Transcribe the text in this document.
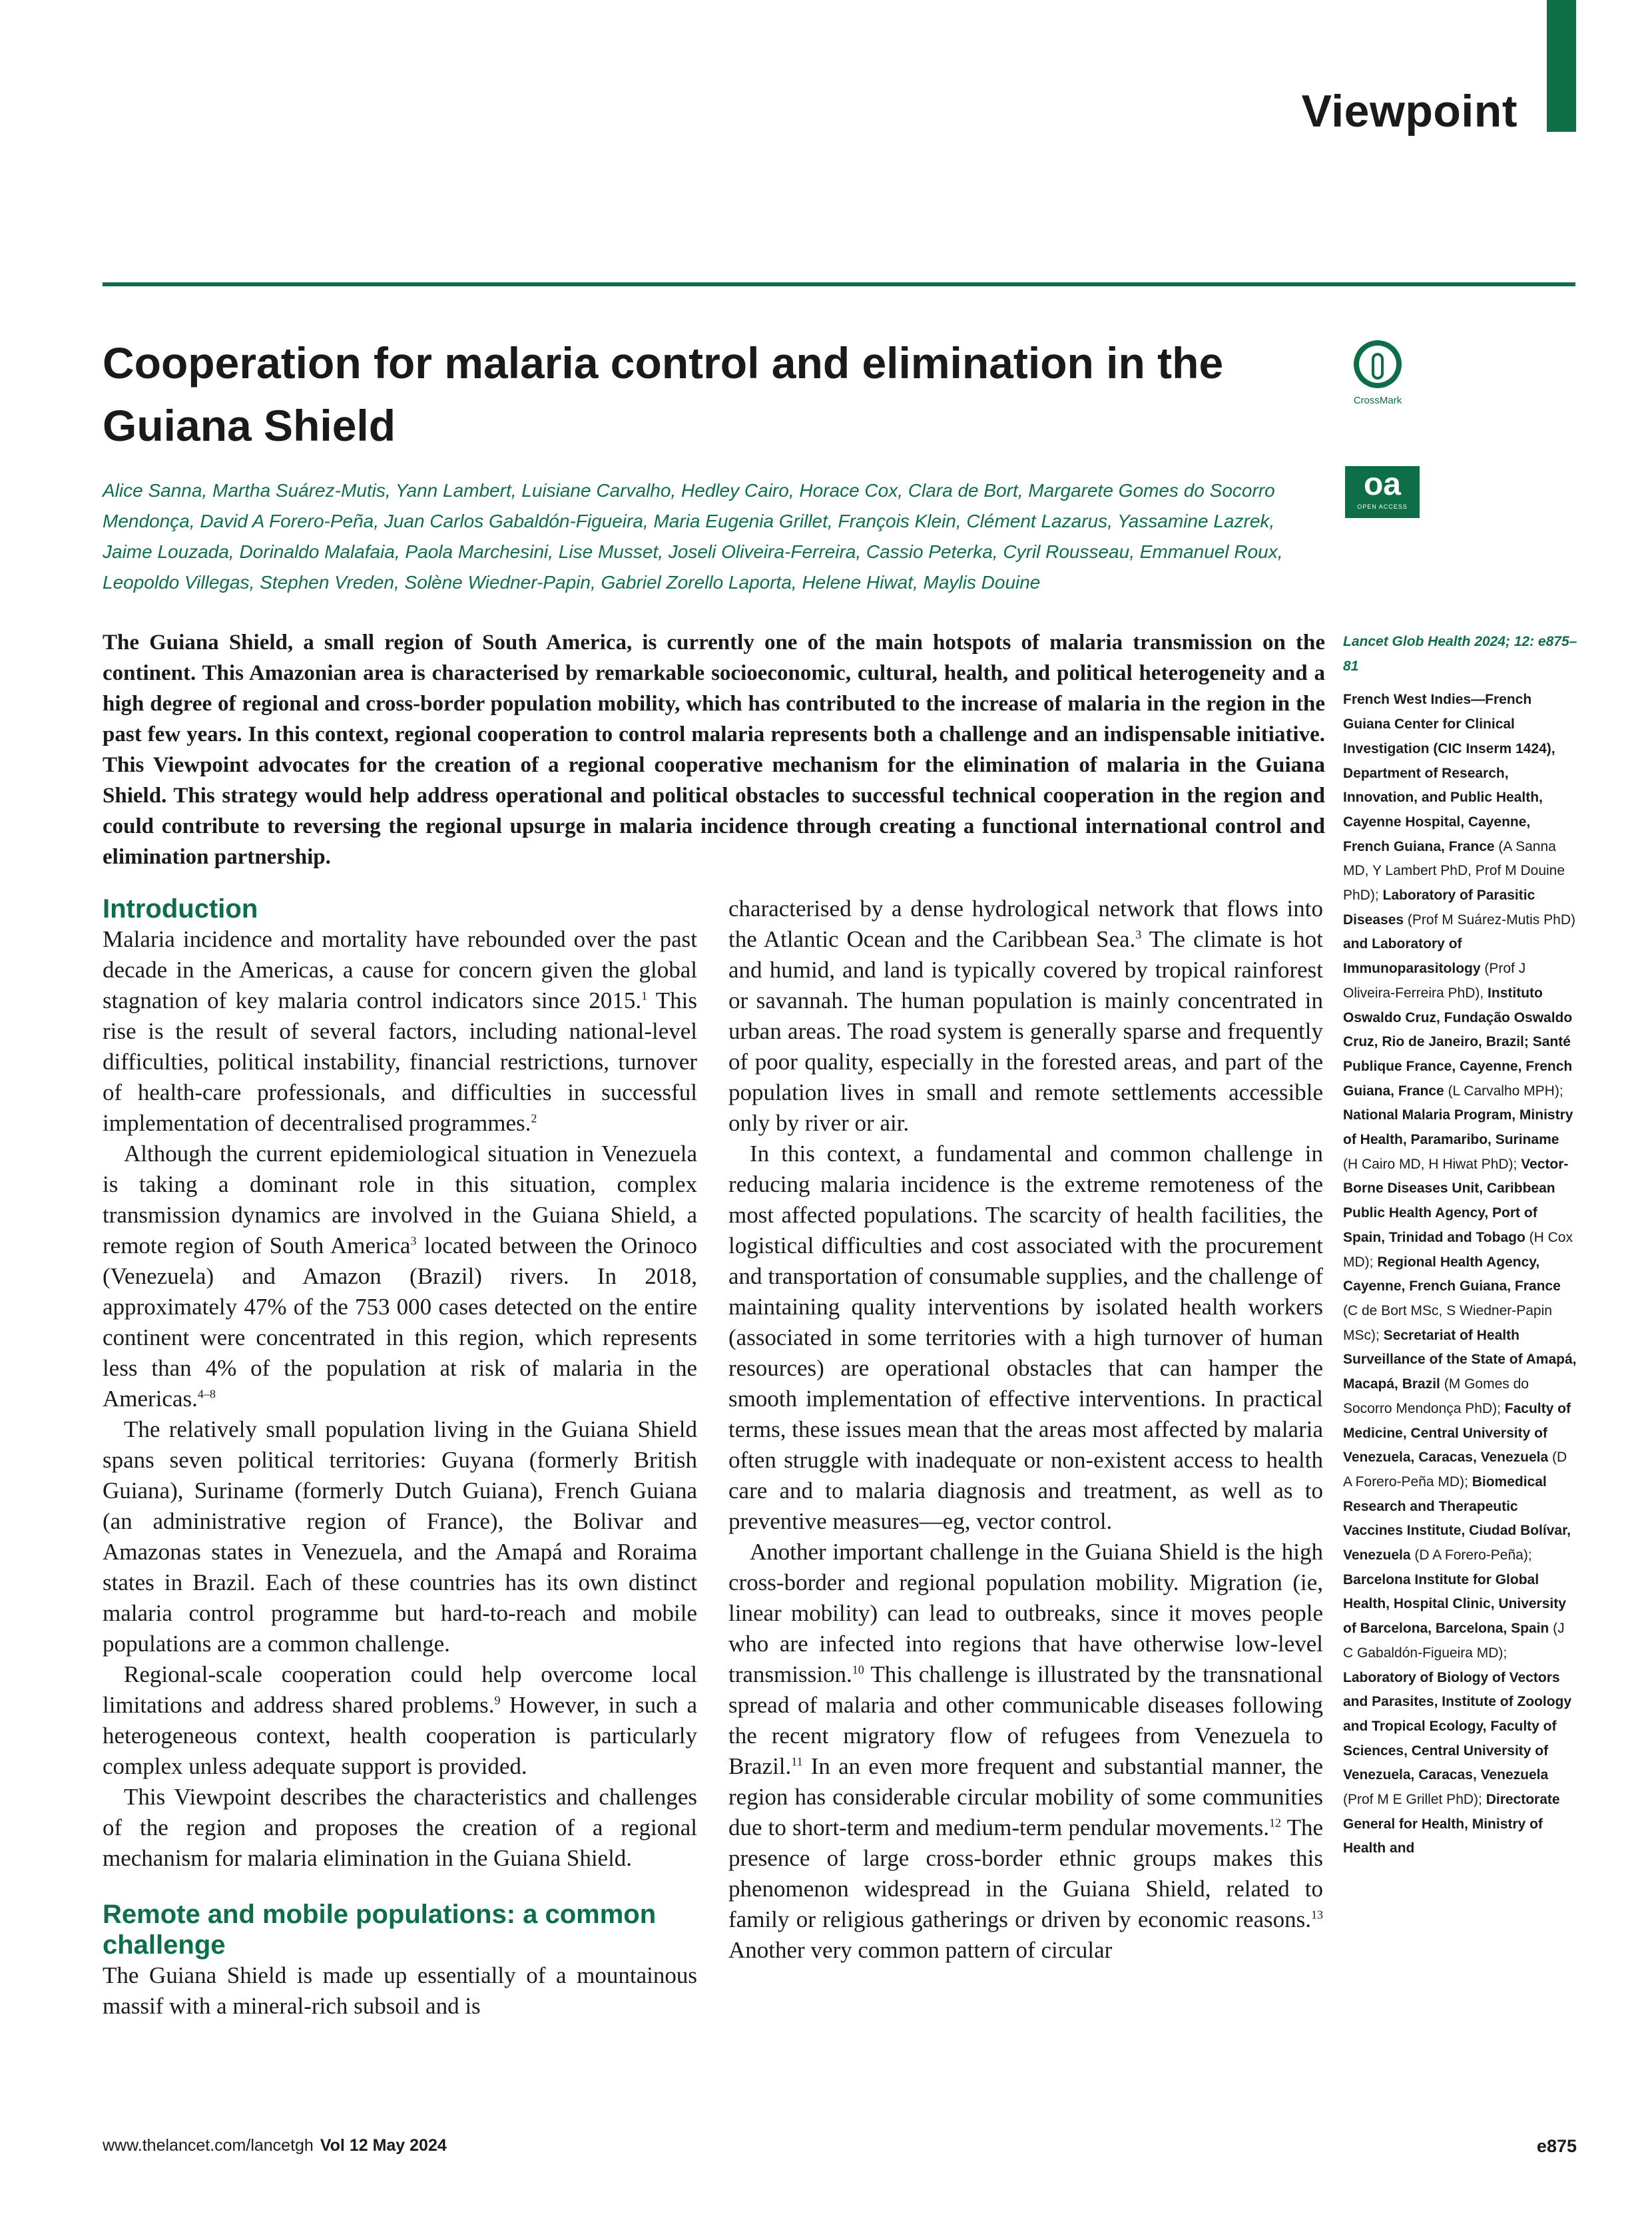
Viewpoint
Cooperation for malaria control and elimination in the Guiana Shield
CrossMark
oa
OPEN ACCESS

Alice Sanna, Martha Suárez-Mutis, Yann Lambert, Luisiane Carvalho, Hedley Cairo, Horace Cox, Clara de Bort, Margarete Gomes do Socorro Mendonça, David A Forero-Peña, Juan Carlos Gabaldón-Figueira, Maria Eugenia Grillet, François Klein, Clément Lazarus, Yassamine Lazrek, Jaime Louzada, Dorinaldo Malafaia, Paola Marchesini, Lise Musset, Joseli Oliveira-Ferreira, Cassio Peterka, Cyril Rousseau, Emmanuel Roux, Leopoldo Villegas, Stephen Vreden, Solène Wiedner-Papin, Gabriel Zorello Laporta, Helene Hiwat, Maylis Douine

The Guiana Shield, a small region of South America, is currently one of the main hotspots of malaria transmission on the continent. This Amazonian area is characterised by remarkable socioeconomic, cultural, health, and political heterogeneity and a high degree of regional and cross-border population mobility, which has contributed to the increase of malaria in the region in the past few years. In this context, regional cooperation to control malaria represents both a challenge and an indispensable initiative. This Viewpoint advocates for the creation of a regional cooperative mechanism for the elimination of malaria in the Guiana Shield. This strategy would help address operational and political obstacles to successful technical cooperation in the region and could contribute to reversing the regional upsurge in malaria incidence through creating a functional international control and elimination partnership.

Introduction

Malaria incidence and mortality have rebounded over the past decade in the Americas, a cause for concern given the global stagnation of key malaria control indicators since 2015.$^1$ This rise is the result of several factors, including national-level difficulties, political instability, financial restrictions, turnover of health-care professionals, and difficulties in successful implementation of decentralised programmes.$^2$

Although the current epidemiological situation in Venezuela is taking a dominant role in this situation, complex transmission dynamics are involved in the Guiana Shield, a remote region of South America$^3$ located between the Orinoco (Venezuela) and Amazon (Brazil) rivers. In 2018, approximately 47% of the 753 000 cases detected on the entire continent were concentrated in this region, which represents less than 4% of the population at risk of malaria in the Americas.$^{4-8}$

The relatively small population living in the Guiana Shield spans seven political territories: Guyana (formerly British Guiana), Suriname (formerly Dutch Guiana), French Guiana (an administrative region of France), the Bolivar and Amazonas states in Venezuela, and the Amapá and Roraima states in Brazil. Each of these countries has its own distinct malaria control programme but hard-to-reach and mobile populations are a common challenge.

Regional-scale cooperation could help overcome local limitations and address shared problems.$^9$ However, in such a heterogeneous context, health cooperation is particularly complex unless adequate support is provided.

This Viewpoint describes the characteristics and challenges of the region and proposes the creation of a regional mechanism for malaria elimination in the Guiana Shield.

Remote and mobile populations: a common challenge

The Guiana Shield is made up essentially of a mountainous massif with a mineral-rich subsoil and is

characterised by a dense hydrological network that flows into the Atlantic Ocean and the Caribbean Sea.$^3$ The climate is hot and humid, and land is typically covered by tropical rainforest or savannah. The human population is mainly concentrated in urban areas. The road system is generally sparse and frequently of poor quality, especially in the forested areas, and part of the population lives in small and remote settlements accessible only by river or air.

In this context, a fundamental and common challenge in reducing malaria incidence is the extreme remoteness of the most affected populations. The scarcity of health facilities, the logistical difficulties and cost associated with the procurement and transportation of consumable supplies, and the challenge of maintaining quality interventions by isolated health workers (associated in some territories with a high turnover of human resources) are operational obstacles that can hamper the smooth implementation of effective interventions. In practical terms, these issues mean that the areas most affected by malaria often struggle with inadequate or non-existent access to health care and to malaria diagnosis and treatment, as well as to preventive measures—eg, vector control.

Another important challenge in the Guiana Shield is the high cross-border and regional population mobility. Migration (ie, linear mobility) can lead to outbreaks, since it moves people who are infected into regions that have otherwise low-level transmission.$^{10}$ This challenge is illustrated by the transnational spread of malaria and other communicable diseases following the recent migratory flow of refugees from Venezuela to Brazil.$^{11}$ In an even more frequent and substantial manner, the region has considerable circular mobility of some communities due to short-term and medium-term pendular movements.$^{12}$ The presence of large cross-border ethnic groups makes this phenomenon widespread in the Guiana Shield, related to family or religious gatherings or driven by economic reasons.$^{13}$ Another very common pattern of circular

Lancet Glob Health 2024; 12: e875–81
French West Indies—French Guiana Center for Clinical Investigation (CIC Inserm 1424), Department of Research, Innovation, and Public Health, Cayenne Hospital, Cayenne, French Guiana, France (A Sanna MD, Y Lambert PhD, Prof M Douine PhD); Laboratory of Parasitic Diseases (Prof M Suárez-Mutis PhD) and Laboratory of Immunoparasitology (Prof J Oliveira-Ferreira PhD), Instituto Oswaldo Cruz, Fundação Oswaldo Cruz, Rio de Janeiro, Brazil; Santé Publique France, Cayenne, French Guiana, France (L Carvalho MPH); National Malaria Program, Ministry of Health, Paramaribo, Suriname (H Cairo MD, H Hiwat PhD); Vector-Borne Diseases Unit, Caribbean Public Health Agency, Port of Spain, Trinidad and Tobago (H Cox MD); Regional Health Agency, Cayenne, French Guiana, France (C de Bort MSc, S Wiedner-Papin MSc); Secretariat of Health Surveillance of the State of Amapá, Macapá, Brazil (M Gomes do Socorro Mendonça PhD); Faculty of Medicine, Central University of Venezuela, Caracas, Venezuela (D A Forero-Peña MD); Biomedical Research and Therapeutic Vaccines Institute, Ciudad Bolívar, Venezuela (D A Forero-Peña); Barcelona Institute for Global Health, Hospital Clinic, University of Barcelona, Barcelona, Spain (J C Gabaldón-Figueira MD); Laboratory of Biology of Vectors and Parasites, Institute of Zoology and Tropical Ecology, Faculty of Sciences, Central University of Venezuela, Caracas, Venezuela (Prof M E Grillet PhD); Directorate General for Health, Ministry of Health and
www.thelancet.com/lancetgh Vol 12 May 2024	e875
